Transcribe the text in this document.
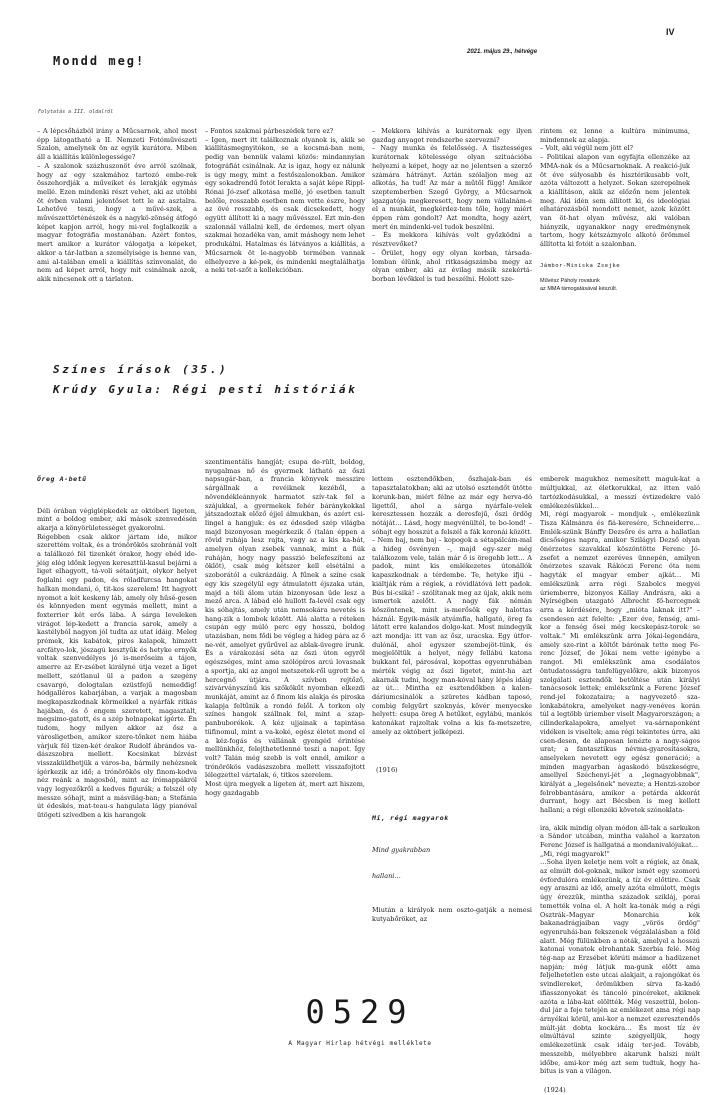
IV
2021. május 29., hétvége
Mondd meg!
Folytatás a III. oldalról
– A lépcsőházból irány a Műcsarnok, ahol most épp látogatható a II. Nemzeti Fotóművészeti Szalon, amelynek ön az egyik kurátora. Miben áll a kiállítás különlegessége?
– A szalonok százhuszonöt éve arról szólnak, hogy az egy szakmához tartozó embe-rek összehordják a műveiket és lerakják egymás mellé. Ezen mindenki részt vehet, aki az utóbbi öt évben valami jelentőset tett le az asztalra. Lehetővé teszi, hogy a művé-szek, a művészettörténészek és a nagykö-zönség átfogó képet kapjon arról, hogy mi-vel foglalkozik a magyar fotográfia mostanában. Azért fontos, mert amikor a kurátor válogatja a képeket, akkor a tár-latban a személyisége is benne van, ami al-talában emeli a kiállítás színvonalát, de nem ad képet arról, hogy mit csinálnak azok, akik nincsenek ott a tárlaton.
– Fontos szakmai párbeszédek tere ez?
– Igen, mert itt találkoznak olyanok is, akik se kiállításmegnyitókon, se a kocsmá-ban nem, pedig van bennük valami közös: mindannyian fotográfiát csinálnak. Az is igaz, hogy ez nálunk is úgy megy, mint a festőszalonokban. Amikor egy sokadrendű fotót lerakta a saját képe Rippl-Rónai Jó-zsef alkotása mellé, jó esetben tanult belőle, rosszabb esetben nem vette észre, hogy az övé rosszabb, és csak dicsekedett, hogy együtt állított ki a nagy művésszel. Ezt min-den szalonnál vállalni kell, de érdemes, mert olyan szakmai hozadéka van, amit máshogy nem lehet produkálni. Hatalmas és látványos a kiállítás, a Műcsarnok öt le-nagyobb termében vannak elhelyezve a ké-pek, és mindenki megtalálhatja a neki tet-szőt a kollekcióban.
– Mekkora kihívás a kurátornak egy ilyen gazdag anyagot rendszerbe szervezni?
– Nagy munka és felelősség. A tisztességes kurátornak kötelessége olyan szituációba helyezni a képet, hogy az ne jelentsen a szerző számára hátrányt. Aztán szólaljon meg az alkotás, ha tud! Az már a műtől függ! Amikor szeptemberben Szegő György, a Műcsarnok igazgatója megkeresett, hogy nem vállalnám-e el a munkát, megkérdez-tem tőle, hogy miért éppen rám gondolt? Azt mondta, hogy azért, mert én mindenki-vel tudok beszélni.
– És mekkora kihívás volt győzködni a résztvevőket?
– Őrület, hogy egy olyan korban, társada-lomban élünk, ahol ritkaságszámba megy az olyan ember, aki az évilag másik szekértá-borban lévőkkel is tud beszélni. Holott sze-
rintem ez lenne a kultúra minimuma, mindennek az alapja.
– Volt, aki végül nem jött el?
– Politikai alapon van egyfajta ellenzéke az MMA-nak és a Műcsarnoknak. A reakció-juk öt éve súlyosabb és hisztérikusabb volt, azóta változott a helyzet. Sokan szerepelnek a kiállításon, akik az előzőn nem jelentek meg. Aki idén sem állított ki, és ideológiai elhatározásból mondott nemet, azok között van öt-hat olyan művész, aki valóban hiányzik, ugyanakkor nagy eredménynek tartom, hogy kétszáznyolc alkotó örömmel állította ki fotóit a szalonban.
Jámbor-Miniska Zsejke
Művész Páholy rovatunk
az MMA támogatásával készült.
Színes írások (35.)
Krúdy Gyula: Régi pesti históriák

Öreg A-betű

Déli órában végiglépkedek az októberi ligeten, mint a boldog ember, aki mások szenvedésén akarja a könyörületességet gyakorolni.
Régebben csak akkor jártam ide, mikor szerettém voltak, és a trónörökös szobránál volt a találkozó fél tizenkét órakor, hogy ebéd ide-jéig elég időnk legyen kereszttül-kasul bejárni a liget elhagyott, tá-voli sétaútjait, olykor helyet foglalni egy padon, és róladfurcsa hangokat halkan mondani, ó, tit-kos szerelem! Itt hagyott nyomot a két keskeny láb, amely oly hűsé-gesen és könnyeden ment egymás mellett, mint a foxterrier két erős lába. A sárga leveleken virágot lép-kedett a francia sarok, amely a kastélyból nagyon jól tudta az utat idáig. Meleg prémek, kis kabátok, piros kalapok, himzett arcfátyo-lok, jószagú kesztyűk és hetyke ernyők voltak szenvedélyes jó is-merőseim a tájon, amerre az Er-zsébet királyné útja vezet a liget mellett, szótlanul ül a padon a szegény csavargó, dologtalan ezüstfejű nemeddig! hódgalléros kabarjában, a varjak a magosban megkapaszkodnak körmeikkel a nyárfák ritkás hajában, és ő engem szeretett, magasztalt, megsimo-gatott, és a szép holnapokat ígérte. Én tudom, hogy milyen akkor az ősz a városligetben, amikor szere-tőnket nem hiába várjuk fél tizen-két órakor Rudolf ábrándos va-dászszobra mellett. Kocsinkat bízvást visszaküldhetjük a város-ba, bármily nehézsnek ígérkezik az idő; a trónörökös oly finom-kodva néz reánk a magosból, mint az írómappákról vagy legyezőkről a kedves figurák; a felszél oly messze sóhajt, mint a másvilág-ban; a Stefánia út édeskés, mat-teau-s hangulata lágy pianóval ütögeti szívedben a kis harangok

szentimentális hangját; csupa de-rült, boldog, nyugalmas nő és gyermek látható az őszi napsugár-ban, a francia könyvek messzire sárgállnak a revéiknek kezéből, a növendékleánnyok harmatot szív-tak fel a szájukkal, a gyermekek fehér báránykokkal játszadoztak előző éjjel álmukban, és azért csi-lingel a hangjuk: és ez édesded szép világba majd bizonyosan megérkezik ő (talán éppen a rövid ruhája lesz rajta, vagy az a kis ka-bát, amelyen olyan zsebek vannak, mint a fiúk ruháján, hogy nagy passzió belefeszíteni az öklöt), csak még kétszer kell elsétálni a szoborától a cukrázdáig. A fűnek a színe csak egy kis szegélyül egy átmulatott éjszaka után, majd a téli álom után bizonyosan üde lesz a mező arca. A lábad elé hullott fa-levél csak egy kis sóhajtás, amely után nemsokára nevetés is hang-zik a lombok között. Alá alatta a réteken csupán egy múló perc egy hosszú, boldog utazásban, nem fődi be végleg a hideg pára az ő ne-vét, amelyet gyűrűvel az ablak-üvegre írunk. És a várakozási séta az őszi úton egyről egészséges, mint ama szólópíros arcú lovasnak a sportja, aki az angol metszetek-ről ugrott be a hercegnő útjára. A szívben rejtőző, szivárványszínű kis szőkökűt nyomban elkezdi munkáját, amint az ő finom kis alakja és piroska kalapja feltűnik a rondó felől. A torkon oly színes hangok szállnak fel, mint a szap-panbuborékok. A kéz ujjainak a tapintása tüfinomul, mint a va-koké, egész életet mond el a kéz-fogás és vállának gyengéd érintése mellünkhöz, felejthetetlenné teszi a napot. Így volt? Talán még szebb is volt ennél, amikor a trónörökös vadászszobra mellett visszafojtott lélegzettel vártalak, ó, titkos szerelem.
Most újra megyek a ligeten át, mert azt hiszem, hogy gazdagabb

lettem esztendőkben, őszhajak-ban és tapasztalatokban; aki az utolsó esztendőt ütötte korunk-ban, miért félne az már egy herva-dó ligettől, ahol a sárga nyárfale-velek keresztessen hozzák a deresfejű, őszi ördög nótáját… Lásd, hogy megvénültél, te bo-lond! – sóhajt egy hosszút a felszél a fák koronái között. – Nem baj, nem baj – kopogok a sétapálcám-mal a hideg ösvényen –, majd egy-szer még találkozom vele, talán már ő is öregebb lett… A padok, mint kis emlékezetes útonállók kapaszkodnak a térdembe. Te, hetyke ifjú – kiáltják rám a régiek, a róvidlátóvá lett padok. Bús bi-csiká! – szólítanak meg az újak, akik nem ismertek azelőtt. A nagy fák némán köszöntenek, mint is-merősök egy halottas háznál. Egyik-másik atyámfia, hallgató, öreg fa látott erre kalandos dolgo-kat. Most mindegyik azt mondja: itt van az ősz, uracska. Egy útfor-dulónál, ahol egyszer szembejöt-tünk, és megjelöltük a helyet, négy fellábú katona bukkant fel, párosával, kopottas egyenruhában mérték végig az őszi ligetet, mint-ha azt akarnák tudni, hogy man-kóval hány lépés idáig az út… Mintha ez esztendőkben a kalen-dáriumcsinálók a szüretes kádban taposó, combig felgyűrt szoknyás, kövér menyecske helyett: csupa öreg A betűket, egylábú, mankós katonákat rajzoltak volna a kis fa-metszetre, amely az októbert jelképezi.

(1916)

Mi, régi magyarok

Mind gyakrabban

hallani…

Miután a királyok nem oszto-gatják a nemesi kutyabőröket, az

emberek magukhoz nemesített maguk-kat a múltjukkal, az életkorukkal, az itten való tartózkodásukkal, a messzi évtizedekre való emlékezésükkel…
Mi, régi magyarok – mondjuk -, emlékezünk Tisza Kálmánra és fiá-keresére, Schneiderre… Emlék-szünk Bánffy Dezsőre és arra a hallatlan dicsőséges napra, amikor Szilágyi Dezső olyan önérzetes szavakkal köszöntötte Ferenc Jó-zsefet a nemzet ezeréves ünnepén, amilyen önérzetes szavak Rákóczi Ferenc óta nem hagyták el magyar ember ajkát… Mi emlékszünk arra régi Szabolcs megyei úriemberre, bizonyos Kállay Andrásra, aki a Nyírségben utazgató Albrecht fő-hercegnek arra a kérdésére, hogy „mióta laknak itt?" – csendesen azt felelte: „Ezer éve, fenség, ami-kor a fenség ősei még kecskepász-torok se voltak." Mi emlékszünk arra Jókai-legendára, amely sze-rint a költőt bárónak tette meg Fe-renc József, de Jókai nem vette igénybe a rangot. Mi emlékszünk ama csodálatos öntudatosságra tanfelügyelőkre, akik bizonyos szolgálati esztendők betöltése után királyi tanácsosok lettek; emlékszünk a Ferenc József rend-jel fokozataira; a nagyvezető sza-lonkabátokra, amelyeket nagy-venéves korán túl a legtöbb úriember viselt Magyarországon; a cilinderkalapokra, amelyet va-sárnaponként vidéken is viseltek; ama régi tekintetes úrra, aki csen-desen, de alaposan lenézte a nagy-ságos urat; a fantasztikus névma-gyarosításokra, amelyeken nevetett egy egész generáció; a minden magyarban ágaskodó büszkeségre, amellyel Széchenyi-jét a „legnagyobbnak", királyát a „legelsőnek" nevezte; a Hentzi-szobor felrobbantására, amikor a petárda akkorát durrant, hogy azt Bécsben is meg kellett hallani; a régi ellenzéki követek szónoklata-

ira, akik mindig olyan módon áll-tak a sarkukon a Sándor utcában, mintha valahol a karzaton Ferenc József is hallgatná a mondanivalójukat…
„Mi, régi magyarok!"
…Soha ilyen keletje nem volt a régiek, az önak, az elmúlt dol-goknak, mikor ismét egy szomorú évfordulóra emlékezünk, a tíz év előttire. Csak egy araszni az idő, amely azóta elmúlott, mégis úgy érezzük, mintha századok szikláj, porai temették volna el. A holt ka-tonák még a régi Osztrák–Magyar Monarchia kék bakanadrágjaiban vagy „vörös ördög" egyenruhái-ban fekszenek végzálalásban a föld alatt. Még fülünkben a nóták, amelyel a hosszú katonai vonatok elrohantak Szerbia felé. Még tég-nap az Erzsébet körúti mámor a hadüzenet napján; még látjuk ma-gunk előtt ama feljelhetetlen este utcai alakjait, a rajongókat és svindlereket, örömükben sírva fa-kadó ifiasszonyokat és táncoló pincéreket, akiknek azóta a lába-kat elöltték. Még veszettül, bolon-dul jár a feje tetején az emlékezet ama régi nap árnyékai körül, ami-kor a nemzet ezeresztendős múlt-ját dobta kockára… És most tíz év elmúltával szinte szégyelljük, hogy emlékezetünk csak idáig ter-jed. Tovább, messzebb, mélyebbre akarunk halszi múlt időbe, ami-kor még azt sem tudtuk, hogy ha-bitus is van a világon.

(1924)

0529
A Magyar Hírlap hétvégi melléklete
